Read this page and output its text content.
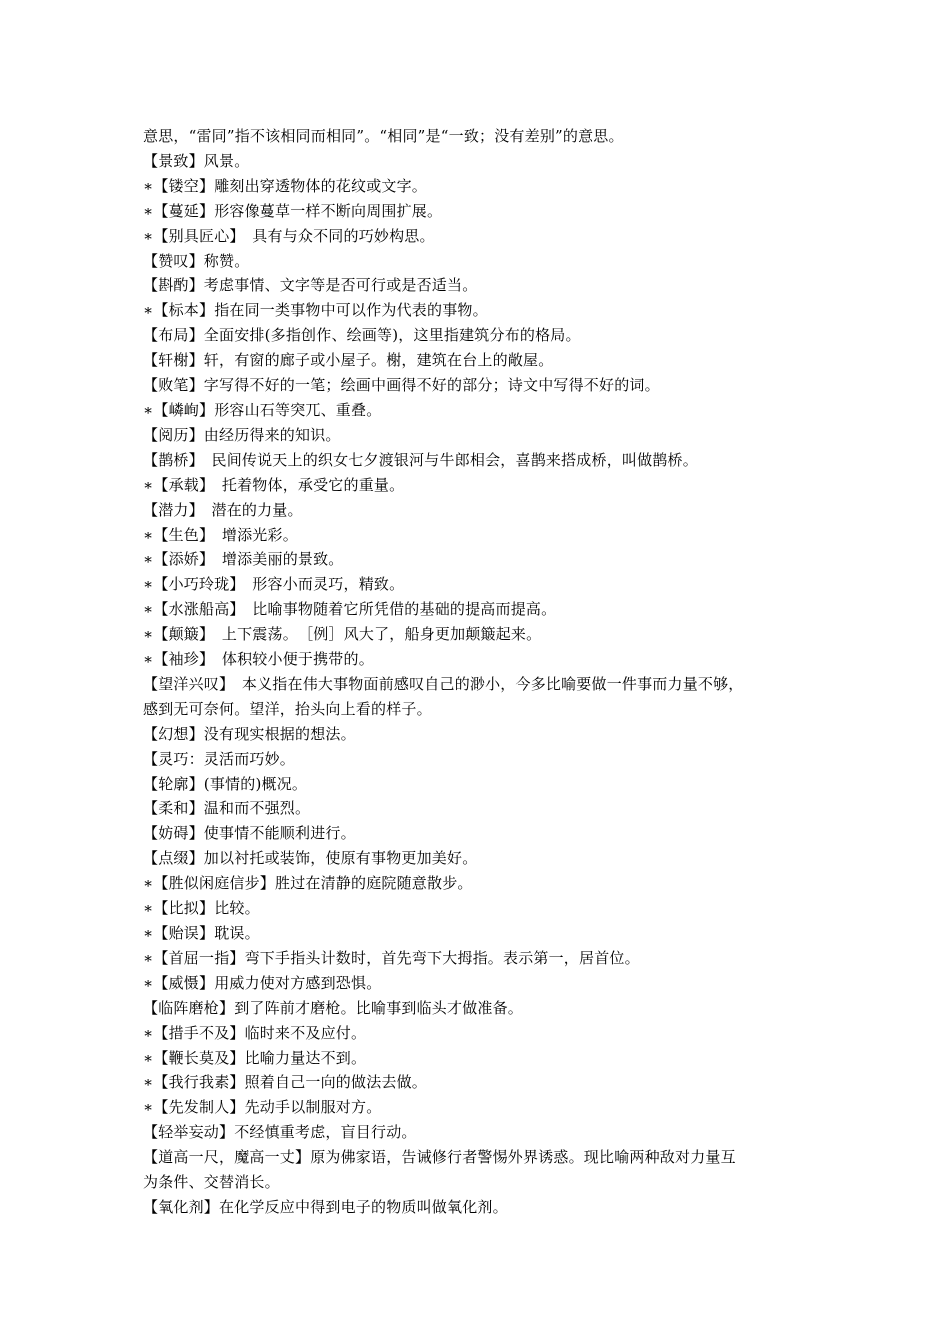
意思，“雷同”指不该相同而相同”。“相同”是“一致；没有差别”的意思。
【景致】风景。
∗【镂空】雕刻出穿透物体的花纹或文字。
∗【蔓延】形容像蔓草一样不断向周围扩展。
∗【别具匠心】　具有与众不同的巧妙构思。
【赞叹】称赞。
【斟酌】考虑事情、文字等是否可行或是否适当。
∗【标本】指在同一类事物中可以作为代表的事物。
【布局】全面安排(多指创作、绘画等)，这里指建筑分布的格局。
【轩榭】轩，有窗的廊子或小屋子。榭，建筑在台上的敞屋。
【败笔】字写得不好的一笔；绘画中画得不好的部分；诗文中写得不好的词。
∗【嶙峋】形容山石等突兀、重叠。
【阅历】由经历得来的知识。
【鹊桥】　民间传说天上的织女七夕渡银河与牛郎相会，喜鹊来搭成桥，叫做鹊桥。
∗【承载】　托着物体，承受它的重量。
【潜力】　潜在的力量。
∗【生色】　增添光彩。
∗【添娇】　增添美丽的景致。
∗【小巧玲珑】　形容小而灵巧，精致。
∗【水涨船高】　比喻事物随着它所凭借的基础的提高而提高。
∗【颠簸】　上下震荡。　［例］风大了，船身更加颠簸起来。
∗【袖珍】　体积较小便于携带的。
【望洋兴叹】　本义指在伟大事物面前感叹自己的渺小，今多比喻要做一件事而力量不够，
感到无可奈何。望洋，抬头向上看的样子。
【幻想】没有现实根据的想法。
【灵巧：灵活而巧妙。
【轮廓】(事情的)概况。
【柔和】温和而不强烈。
【妨碍】使事情不能顺利进行。
【点缀】加以衬托或装饰，使原有事物更加美好。
∗【胜似闲庭信步】胜过在清静的庭院随意散步。
∗【比拟】比较。
∗【贻误】耽误。
∗【首屈一指】弯下手指头计数时，首先弯下大拇指。表示第一，居首位。
∗【威慑】用威力使对方感到恐惧。
【临阵磨枪】到了阵前才磨枪。比喻事到临头才做准备。
∗【措手不及】临时来不及应付。
∗【鞭长莫及】比喻力量达不到。
∗【我行我素】照着自己一向的做法去做。
∗【先发制人】先动手以制服对方。
【轻举妄动】不经慎重考虑，盲目行动。
【道高一尺，魔高一丈】原为佛家语，告诫修行者警惕外界诱惑。现比喻两种敌对力量互
为条件、交替消长。
【氧化剂】在化学反应中得到电子的物质叫做氧化剂。
